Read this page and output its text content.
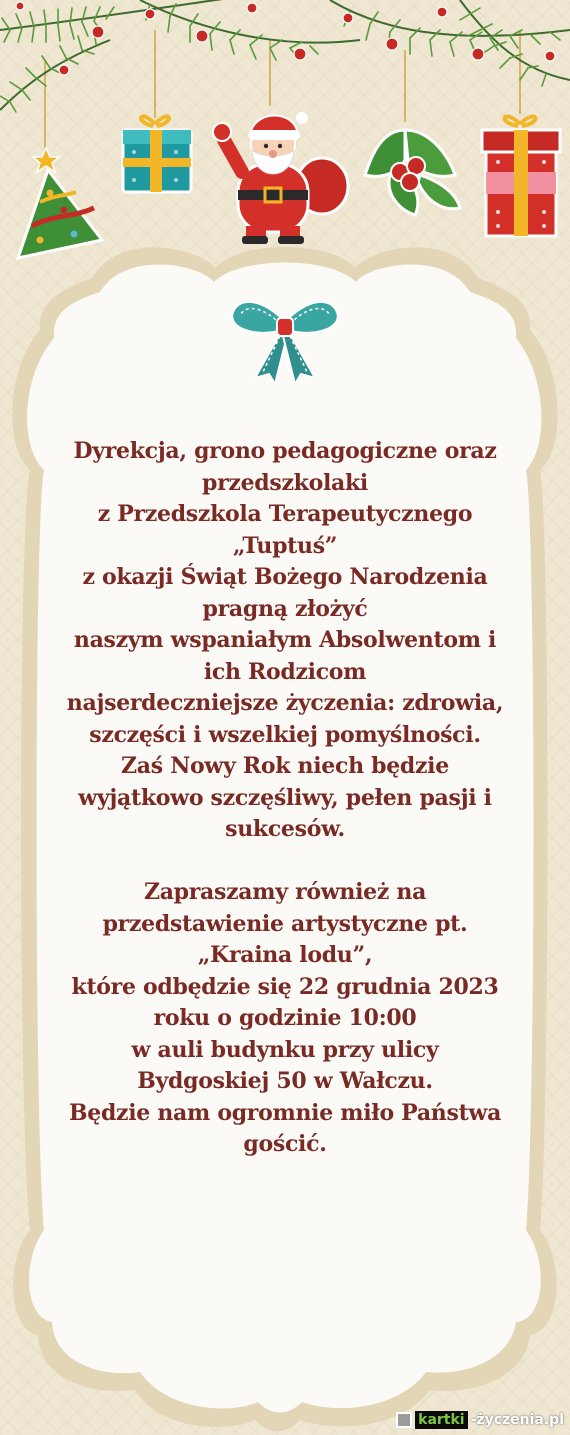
Dyrekcja, grono pedagogiczne oraz
przedszkolaki
z Przedszkola Terapeutycznego
„Tuptuś”
z okazji Świąt Bożego Narodzenia
pragną złożyć
naszym wspaniałym Absolwentom i
ich Rodzicom
najserdeczniejsze życzenia: zdrowia,
szczęści i wszelkiej pomyślności.
Zaś Nowy Rok niech będzie
wyjątkowo szczęśliwy, pełen pasji i
sukcesów.
Zapraszamy również na
przedstawienie artystyczne pt.
„Kraina lodu”,
które odbędzie się 22 grudnia 2023
roku o godzinie 10:00
w auli budynku przy ulicy
Bydgoskiej 50 w Wałczu.
Będzie nam ogromnie miło Państwa
gościć.
kartki -życzenia.pl
